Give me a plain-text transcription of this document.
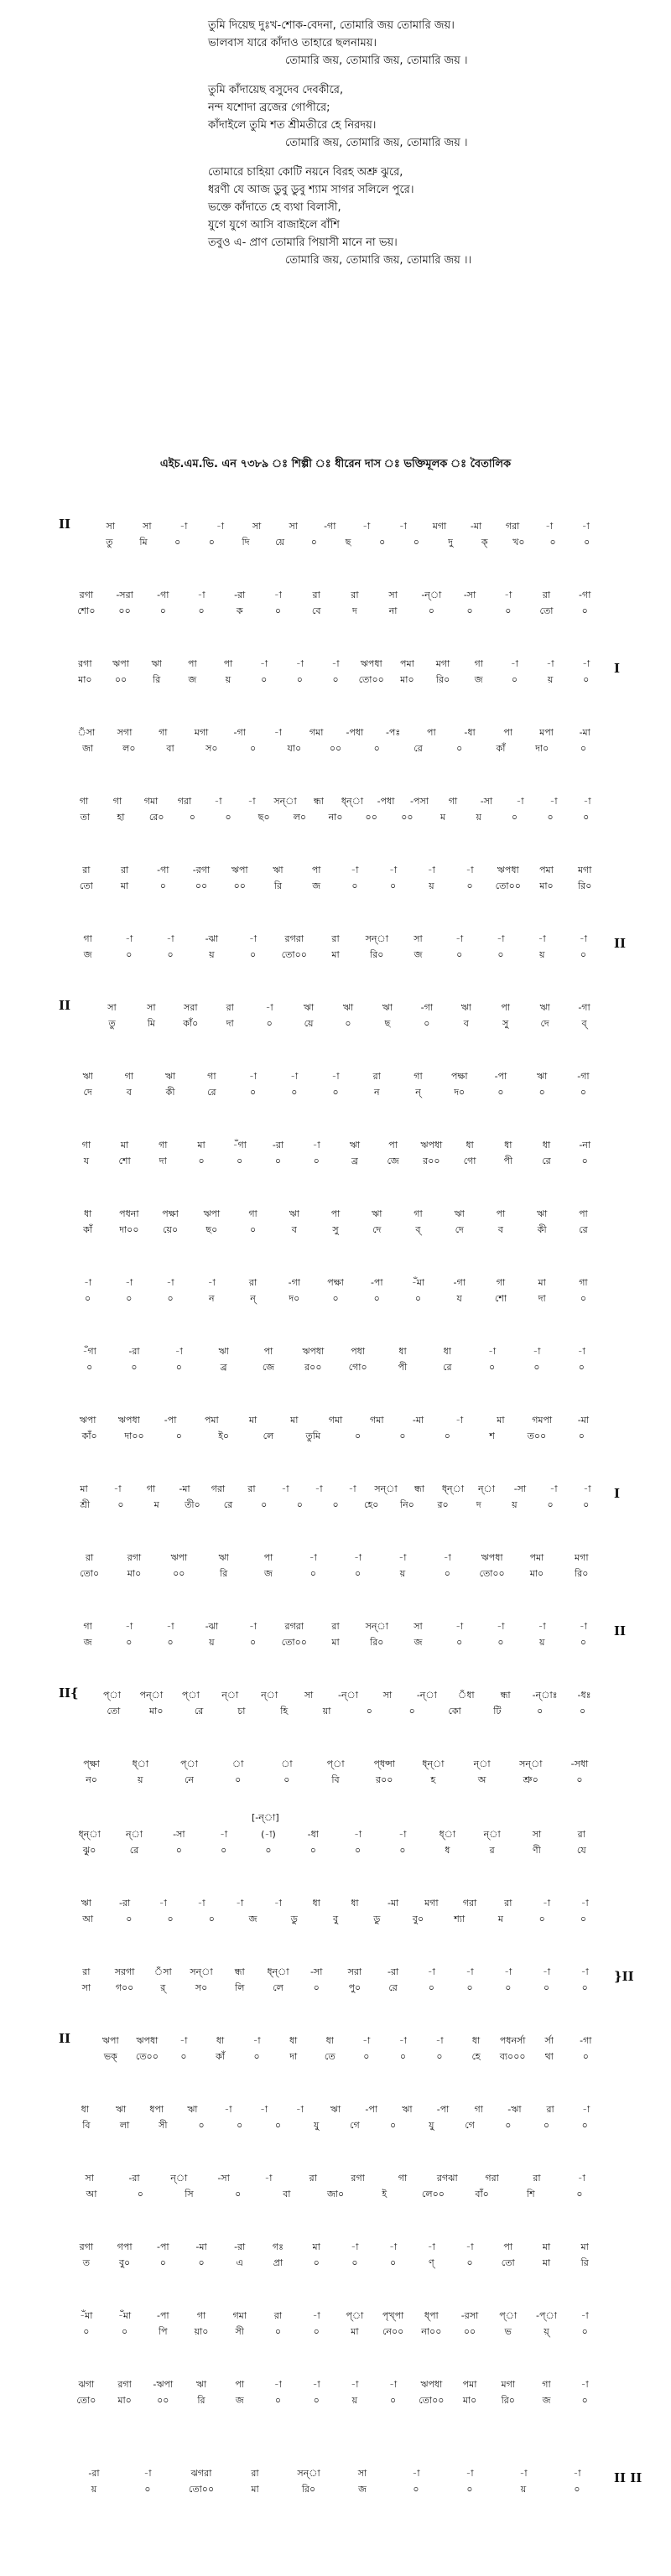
তুমি দিয়েছ দুঃখ-শোক-বেদনা, তোমারি জয় তোমারি জয়।
ভালবাস যারে কাঁদাও তাহারে ছলনাময়।
তোমারি জয়, তোমারি জয়, তোমারি জয় ।
তুমি কাঁদায়েছ বসুদেব দেবকীরে,
নন্দ যশোদা ব্রজের গোপীরে;
কাঁদাইলে তুমি শত শ্রীমতীরে হে নিরদয়।
তোমারি জয়, তোমারি জয়, তোমারি জয় ।
তোমারে চাহিয়া কোটি নয়নে বিরহ অশ্রু ঝুরে,
ধরণী যে আজ ডুবু ডুবু শ্যাম সাগর সলিলে পুরে।
ভক্তে কাঁদাতে হে ব্যথা বিলাসী,
যুগে যুগে আসি বাজাইলে বাঁশি
তবুও এ- প্রাণ তোমারি পিয়াসী মানে না ভয়।
তোমারি জয়, তোমারি জয়, তোমারি জয় ।।
এইচ.এম.ভি. এন ৭৩৮৯ ঃ শিল্পী ঃ ধীরেন দাস ঃ ভক্তিমূলক ঃ বৈতালিক
সা	সা	-া	-া	সা	সা	-গা	-া	-া	মগা	-মা	গরা	-া	-া
তু	মি	০	০	দি	য়ে	০	ছ	০	০	দু	ক্	খ০	০	০
II
রগা	-সরা	-গা	-া	-রা	-া	রা	রা	সা	-ন্া	-সা	-া	রা	-গা
শো০	০০	০	০	ক	০	বে	দ	না	০	০	০	তো	০
রগা	ঋপা	ঋা	পা	পা	-া	-া	-া	ঋপধা	পমা	মগা	গা	-া	-া	-া
মা০	০০	রি	জ	য়	০	০	০	তো০০	মা০	রি০	জ	০	য়	০
I
ঁসা	সগা	গা	মগা	-গা	-া	গমা	-পধা	-পঃ	পা	-ধা	পা	মপা	-মা
জা	ল০	বা	স০	০	যা০	০০	০	রে	০	কাঁ	দা০	০
গা	গা	গমা	গরা	-া	-া	সন্া	ন্ধা	ধ্ন্া	-পধা	-পসা	গা	-সা	-া	-া	-া
তা	হা	রে০	০	০	ছ০	ল০	না০	০০	০০	ম	য়	০	০	০
রা	রা	-গা	-রগা	ঋপা	ঋা	পা	-া	-া	-া	-া	ঋপধা	পমা	মগা
তো	মা	০	০০	০০	রি	জ	০	০	য়	০	তো০০	মা০	রি০
গা	-া	-া	-ঝা	-া	রগরা	রা	সন্া	সা	-া	-া	-া	-া
জ	০	০	য়	০	তো০০	মা	রি০	জ	০	০	য়	০
II
সা	সা	সরা	রা	-া	ঋা	ঋা	ঋা	-গা	ঋা	পা	ঋা	-গা
তু	মি	কাঁ০	দা	০	য়ে	০	ছ	০	ব	সু	দে	ব্
II
ঋা	গা	ঋা	গা	-া	-া	-া	রা	গা	পক্ষা	-পা	ঋা	-গা
দে	ব	কী	রে	০	০	০	ন	ন্	দ০	০	০	০
গা	মা	গা	মা	-ঁগা	-রা	-া	ঋা	পা	ঋপধা	ধা	ধা	ধা	-না
য	শো	দা	০	০	০	০	ব্র	জে	র০০	গো	পী	রে	০
ধা	পধনা	পক্ষা	ঋপা	গা	ঋা	পা	ঋা	গা	ঋা	পা	ঋা	পা
কাঁ	দা০০	য়ে০	ছ০	০	ব	সু	দে	ব্	দে	ব	কী	রে
-া	-া	-া	-া	রা	-গা	পক্ষা	-পা	-ঁমা	-গা	গা	মা	গা
০	০	০	ন	ন্	দ০	০	০	০	য	শো	দা	০
-ঁগা	-রা	-া	ঋা	পা	ঋপধা	পধা	ধা	ধা	-া	-া	-া
০	০	০	ব্র	জে	র০০	গো০	পী	রে	০	০	০
ঋপা	ঋপধা	-পা	পমা	মা	মা	গমা	গমা	-মা	-া	মা	গমপা	-মা
কাঁ০	দা০০	০	ই০	লে	তুমি	০	০	০	শ	ত০০	০
মা	-া	গা	-মা	গরা	রা	-া	-া	-া	সন্া	ন্ধা	ধ্ন্া	ন্া	-সা	-া	-া
শ্রী	০	ম	তী০	রে	০	০	০	হে০	নি০	র০	দ	য়	০	০
I
রা	রগা	ঋপা	ঋা	পা	-া	-া	-া	-া	ঋপধা	পমা	মগা
তো০	মা০	০০	রি	জ	০	০	য়	০	তো০০	মা০	রি০
গা	-া	-া	-ঝা	-া	রগরা	রা	সন্া	সা	-া	-া	-া	-া
জ	০	০	য়	০	তো০০	মা	রি০	জ	০	০	য়	০
II
প্া	পন্া	প্া	ন্া	ন্া	সা	-ন্া	সা	-ন্া	ঁধা	ন্ধা	-ন্াঃ	-ধঃ
তো	মা০	রে	চা	হি	য়া	০	০	কো	টি	০	০
II{
প্ক্ষা	ধ্া	প্া	া	া	প্া	প্ধন্সা	ধ্ন্া	ন্া	সন্া	-সধা
ন০	য়	নে	০	০	বি	র০০	হ	অ	শ্রু০	০
[-ন্া]
ধ্ন্া	ন্া	-সা	-া	(-া)	-ধা	-া	-া	ধ্া	ন্া	সা	রা
ঝু০	রে	০	০	০	০	০	০	ধ	র	ণী	যে
ঋা	-রা	-া	-া	-া	-া	ধা	ধা	-মা	মগা	গরা	রা	-া	-া
আ	০	০	০	জ	ডু	বু	ডু	বু০	শ্যা	ম	০	০
রা	সরগা	ঁসা	সন্া	ন্ধা	ধ্ন্া	-সা	সরা	-রা	-া	-া	-া	-া	-া
সা	গ০০	র্	স০	লি	লে	০	পু০	রে	০	০	০	০	০
}II
ঋপা	ঋপধা	-া	ধা	-া	ধা	ধা	-া	-া	-া	ধা	পধনর্সা	র্সা	-গা
ভক্	তে০০	০	কাঁ	০	দা	তে	০	০	০	হে	ব্য০০০	থা	০
II
ধা	ঋা	ধপা	ঋা	-া	-া	-া	ঋা	-পা	ঋা	-পা	গা	-ঋা	রা	-া
বি	লা	সী	০	০	০	যু	গে	০	যু	গে	০	০	০
সা	-রা	ন্া	-সা	-া	রা	রগা	গা	রগঝা	গরা	রা	-া
আ	০	সি	০	বা	জা০	ই	লে০০	বাঁ০	শি	০
রগা	গপা	-পা	-মা	-রা	গঃ	মা	-া	-া	-া	-া	পা	মা	মা
ত	বু০	০	০	এ	প্রা	০	০	০	ণ্	০	তো	মা	রি
-ঁমা	-ঁমা	-পা	গা	গমা	রা	-া	প্া	পৃখ্পা	ধ্পা	-রসা	প্া	-প্া	-া
০	০	পি	য়া০	সী	০	০	মা	নে০০	না০০	০০	ভ	য়্	০
ঝগা	রগা	-ঋপা	ঋা	পা	-া	-া	-া	-া	ঋপধা	পমা	মগা	গা	-া
তো০	মা০	০০	রি	জ	০	০	য়	০	তো০০	মা০	রি০	জ	০
-রা	-া	ঝগরা	রা	সন্া	সা	-া	-া	-া	-া
য়	০	তো০০	মা	রি০	জ	০	০	য়	০
II II
